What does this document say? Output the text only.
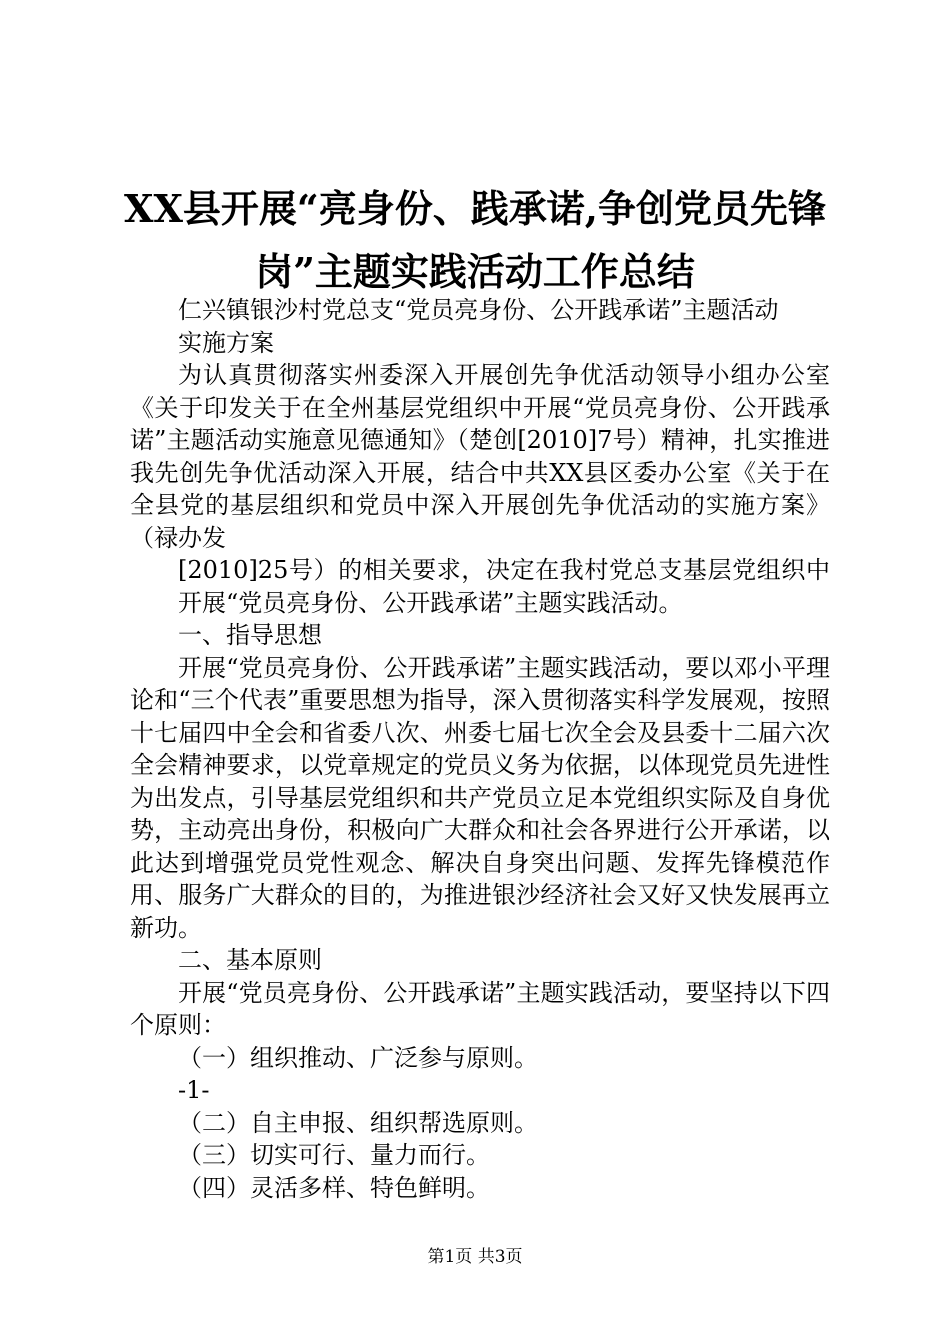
XX县开展“亮身份、践承诺,争创党员先锋
岗”主题实践活动工作总结

仁兴镇银沙村党总支“党员亮身份、公开践承诺”主题活动

实施方案

为认真贯彻落实州委深入开展创先争优活动领导小组办公室《关于印发关于在全州基层党组织中开展“党员亮身份、公开践承诺”主题活动实施意见德通知》（楚创[2010]7号）精神，扎实推进我先创先争优活动深入开展，结合中共XX县区委办公室《关于在全县党的基层组织和党员中深入开展创先争优活动的实施方案》（禄办发

[2010]25号）的相关要求，决定在我村党总支基层党组织中开展“党员亮身份、公开践承诺”主题实践活动。

一、指导思想

开展“党员亮身份、公开践承诺”主题实践活动，要以邓小平理论和“三个代表”重要思想为指导，深入贯彻落实科学发展观，按照十七届四中全会和省委八次、州委七届七次全会及县委十二届六次全会精神要求，以党章规定的党员义务为依据，以体现党员先进性为出发点，引导基层党组织和共产党员立足本党组织实际及自身优势，主动亮出身份，积极向广大群众和社会各界进行公开承诺，以此达到增强党员党性观念、解决自身突出问题、发挥先锋模范作用、服务广大群众的目的，为推进银沙经济社会又好又快发展再立新功。

二、基本原则

开展“党员亮身份、公开践承诺”主题实践活动，要坚持以下四个原则：

（一）组织推动、广泛参与原则。

-1-

（二）自主申报、组织帮选原则。

（三）切实可行、量力而行。

（四）灵活多样、特色鲜明。

第1页 共3页
